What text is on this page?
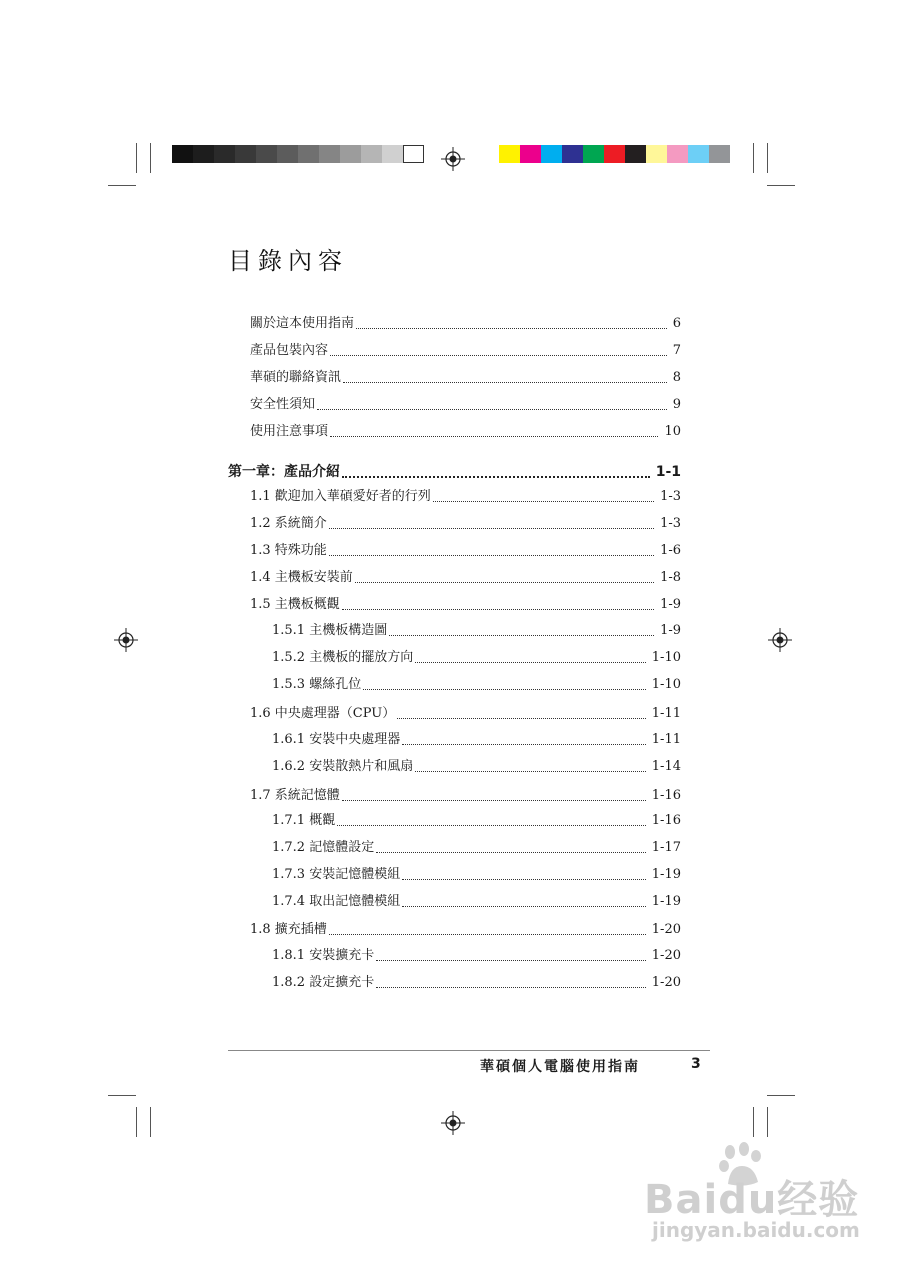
目錄內容
關於這本使用指南	6
產品包裝內容	7
華碩的聯絡資訊	8
安全性須知	9
使用注意事項	10
第一章：產品介紹	1-1
1.1 歡迎加入華碩愛好者的行列	1-3
1.2 系統簡介	1-3
1.3 特殊功能	1-6
1.4 主機板安裝前	1-8
1.5 主機板概觀	1-9
1.5.1 主機板構造圖	1-9
1.5.2 主機板的擺放方向	1-10
1.5.3 螺絲孔位	1-10
1.6 中央處理器（CPU）	1-11
1.6.1 安裝中央處理器	1-11
1.6.2 安裝散熱片和風扇	1-14
1.7 系統記憶體	1-16
1.7.1 概觀	1-16
1.7.2 記憶體設定	1-17
1.7.3 安裝記憶體模組	1-19
1.7.4 取出記憶體模組	1-19
1.8 擴充插槽	1-20
1.8.1 安裝擴充卡	1-20
1.8.2 設定擴充卡	1-20
華碩個人電腦使用指南	3
Baidu经验
jingyan.baidu.com
